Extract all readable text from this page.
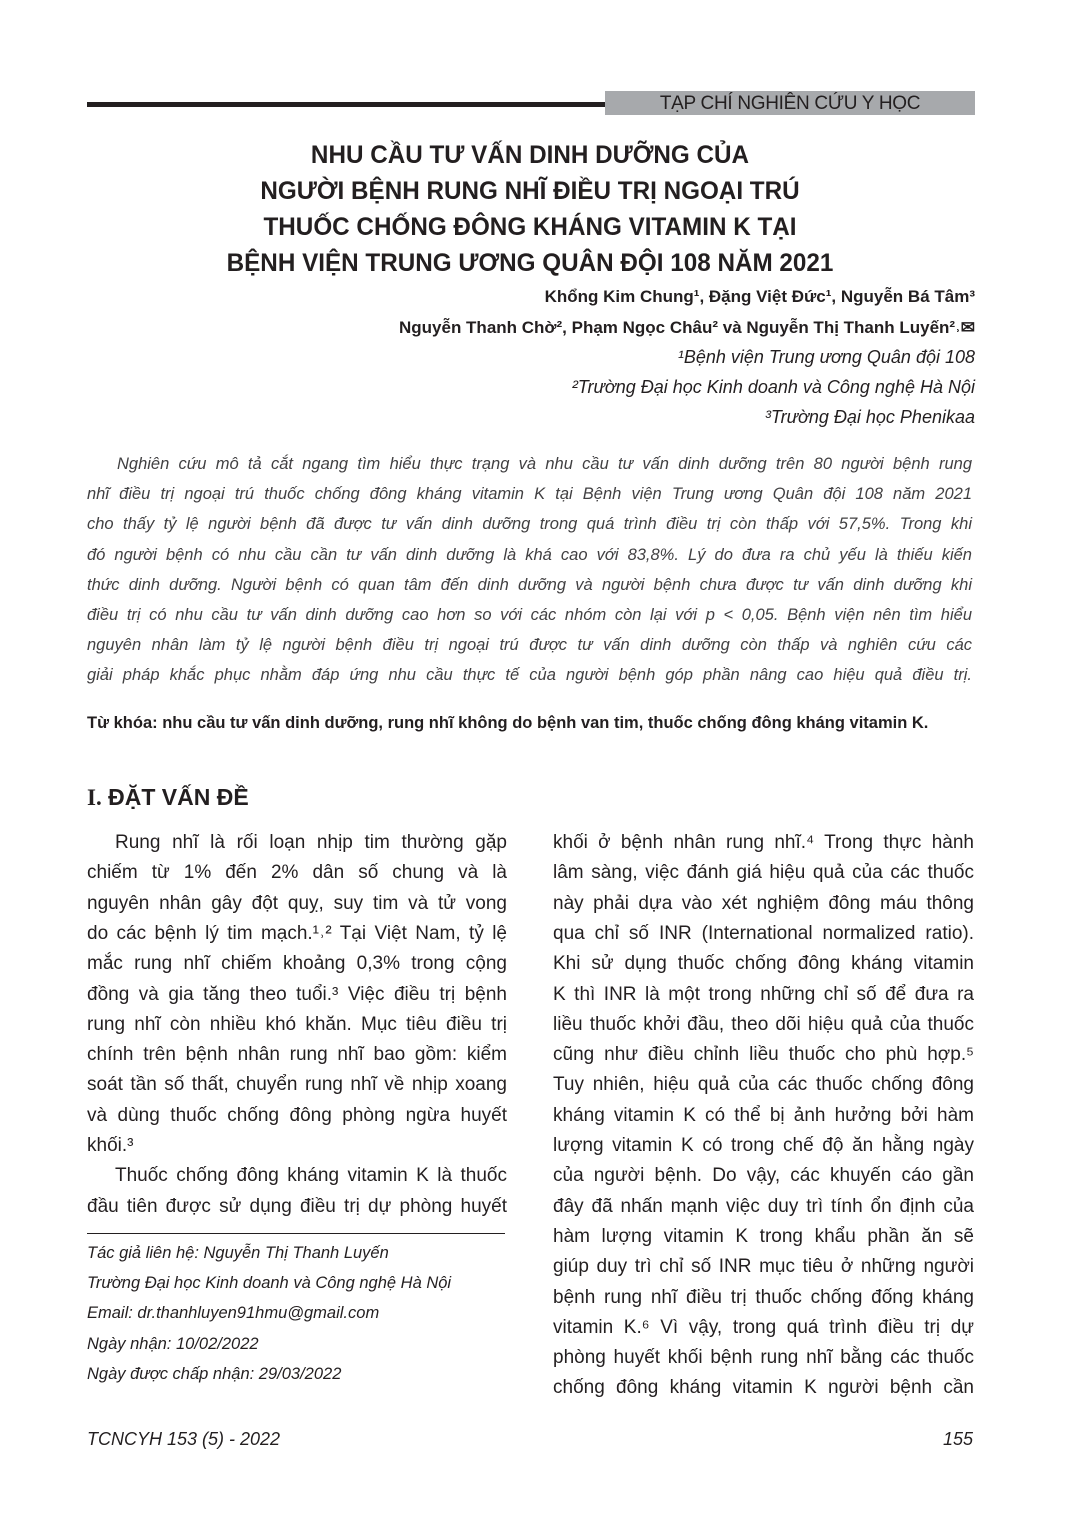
TẠP CHÍ NGHIÊN CỨU Y HỌC
NHU CẦU TƯ VẤN DINH DƯỠNG CỦA
NGƯỜI BỆNH RUNG NHĨ ĐIỀU TRỊ NGOẠI TRÚ
THUỐC CHỐNG ĐÔNG KHÁNG VITAMIN K TẠI
BỆNH VIỆN TRUNG ƯƠNG QUÂN ĐỘI 108 NĂM 2021
Khổng Kim Chung¹, Đặng Việt Đức¹, Nguyễn Bá Tâm³
Nguyễn Thanh Chờ², Phạm Ngọc Châu² và Nguyễn Thị Thanh Luyến²˒✉
¹Bệnh viện Trung ương Quân đội 108
²Trường Đại học Kinh doanh và Công nghệ Hà Nội
³Trường Đại học Phenikaa
Nghiên cứu mô tả cắt ngang tìm hiểu thực trạng và nhu cầu tư vấn dinh dưỡng trên 80 người bệnh rung
nhĩ điều trị ngoại trú thuốc chống đông kháng vitamin K tại Bệnh viện Trung ương Quân đội 108 năm 2021
cho thấy tỷ lệ người bệnh đã được tư vấn dinh dưỡng trong quá trình điều trị còn thấp với 57,5%. Trong khi
đó người bệnh có nhu cầu cần tư vấn dinh dưỡng là khá cao với 83,8%. Lý do đưa ra chủ yếu là thiếu kiến
thức dinh dưỡng. Người bệnh có quan tâm đến dinh dưỡng và người bệnh chưa được tư vấn dinh dưỡng khi
điều trị có nhu cầu tư vấn dinh dưỡng cao hơn so với các nhóm còn lại với p < 0,05. Bệnh viện nên tìm hiểu
nguyên nhân làm tỷ lệ người bệnh điều trị ngoại trú được tư vấn dinh dưỡng còn thấp và nghiên cứu các
giải pháp khắc phục nhằm đáp ứng nhu cầu thực tế của người bệnh góp phần nâng cao hiệu quả điều trị.
Từ khóa: nhu cầu tư vấn dinh dưỡng, rung nhĩ không do bệnh van tim, thuốc chống đông kháng vitamin K.
I. ĐẶT VẤN ĐỀ
Rung nhĩ là rối loạn nhịp tim thường gặp
chiếm từ 1% đến 2% dân số chung và là
nguyên nhân gây đột quỵ, suy tim và tử vong
do các bệnh lý tim mạch.¹˒² Tại Việt Nam, tỷ lệ
mắc rung nhĩ chiếm khoảng 0,3% trong cộng
đồng và gia tăng theo tuổi.³ Việc điều trị bệnh
rung nhĩ còn nhiều khó khăn. Mục tiêu điều trị
chính trên bệnh nhân rung nhĩ bao gồm: kiểm
soát tần số thất, chuyển rung nhĩ về nhịp xoang
và dùng thuốc chống đông phòng ngừa huyết
khối.³
Thuốc chống đông kháng vitamin K là thuốc
đầu tiên được sử dụng điều trị dự phòng huyết
khối ở bệnh nhân rung nhĩ.⁴ Trong thực hành
lâm sàng, việc đánh giá hiệu quả của các thuốc
này phải dựa vào xét nghiệm đông máu thông
qua chỉ số INR (International normalized ratio).
Khi sử dụng thuốc chống đông kháng vitamin
K thì INR là một trong những chỉ số để đưa ra
liều thuốc khởi đầu, theo dõi hiệu quả của thuốc
cũng như điều chỉnh liều thuốc cho phù hợp.⁵
Tuy nhiên, hiệu quả của các thuốc chống đông
kháng vitamin K có thể bị ảnh hưởng bởi hàm
lượng vitamin K có trong chế độ ăn hằng ngày
của người bệnh. Do vậy, các khuyến cáo gần
đây đã nhấn mạnh việc duy trì tính ổn định của
hàm lượng vitamin K trong khẩu phần ăn sẽ
giúp duy trì chỉ số INR mục tiêu ở những người
bệnh rung nhĩ điều trị thuốc chống đống kháng
vitamin K.⁶ Vì vậy, trong quá trình điều trị dự
phòng huyết khối bệnh rung nhĩ bằng các thuốc
chống đông kháng vitamin K người bệnh cần
Tác giả liên hệ: Nguyễn Thị Thanh Luyến
Trường Đại học Kinh doanh và Công nghệ Hà Nội
Email: dr.thanhluyen91hmu@gmail.com
Ngày nhận: 10/02/2022
Ngày được chấp nhận: 29/03/2022
TCNCYH 153 (5) - 2022	155
